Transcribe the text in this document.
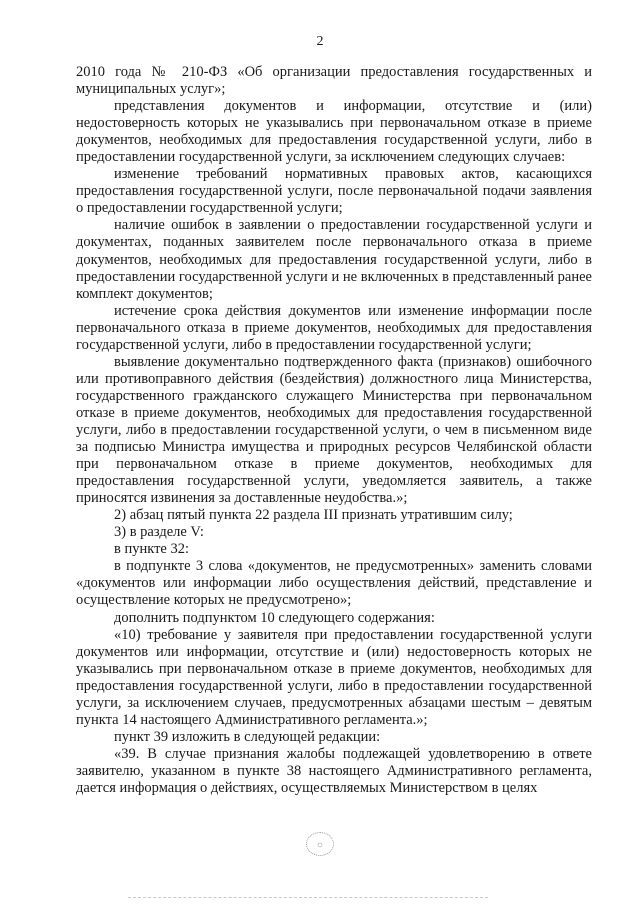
2

2010 года № 210-ФЗ «Об организации предоставления государственных и муниципальных услуг»;

представления документов и информации, отсутствие и (или) недостоверность которых не указывались при первоначальном отказе в приеме документов, необходимых для предоставления государственной услуги, либо в предоставлении государственной услуги, за исключением следующих случаев:

изменение требований нормативных правовых актов, касающихся предоставления государственной услуги, после первоначальной подачи заявления о предоставлении государственной услуги;

наличие ошибок в заявлении о предоставлении государственной услуги и документах, поданных заявителем после первоначального отказа в приеме документов, необходимых для предоставления государственной услуги, либо в предоставлении государственной услуги и не включенных в представленный ранее комплект документов;

истечение срока действия документов или изменение информации после первоначального отказа в приеме документов, необходимых для предоставления государственной услуги, либо в предоставлении государственной услуги;

выявление документально подтвержденного факта (признаков) ошибочного или противоправного действия (бездействия) должностного лица Министерства, государственного гражданского служащего Министерства при первоначальном отказе в приеме документов, необходимых для предоставления государственной услуги, либо в предоставлении государственной услуги, о чем в письменном виде за подписью Министра имущества и природных ресурсов Челябинской области при первоначальном отказе в приеме документов, необходимых для предоставления государственной услуги, уведомляется заявитель, а также приносятся извинения за доставленные неудобства.»;

2) абзац пятый пункта 22 раздела III признать утратившим силу;

3) в разделе V:

в пункте 32:

в подпункте 3 слова «документов, не предусмотренных» заменить словами «документов или информации либо осуществления действий, представление и осуществление которых не предусмотрено»;

дополнить подпунктом 10 следующего содержания:

«10) требование у заявителя при предоставлении государственной услуги документов или информации, отсутствие и (или) недостоверность которых не указывались при первоначальном отказе в приеме документов, необходимых для предоставления государственной услуги, либо в предоставлении государственной услуги, за исключением случаев, предусмотренных абзацами шестым – девятым пункта 14 настоящего Административного регламента.»;

пункт 39 изложить в следующей редакции:

«39. В случае признания жалобы подлежащей удовлетворению в ответе заявителю, указанном в пункте 38 настоящего Административного регламента, дается информация о действиях, осуществляемых Министерством в целях

☼
